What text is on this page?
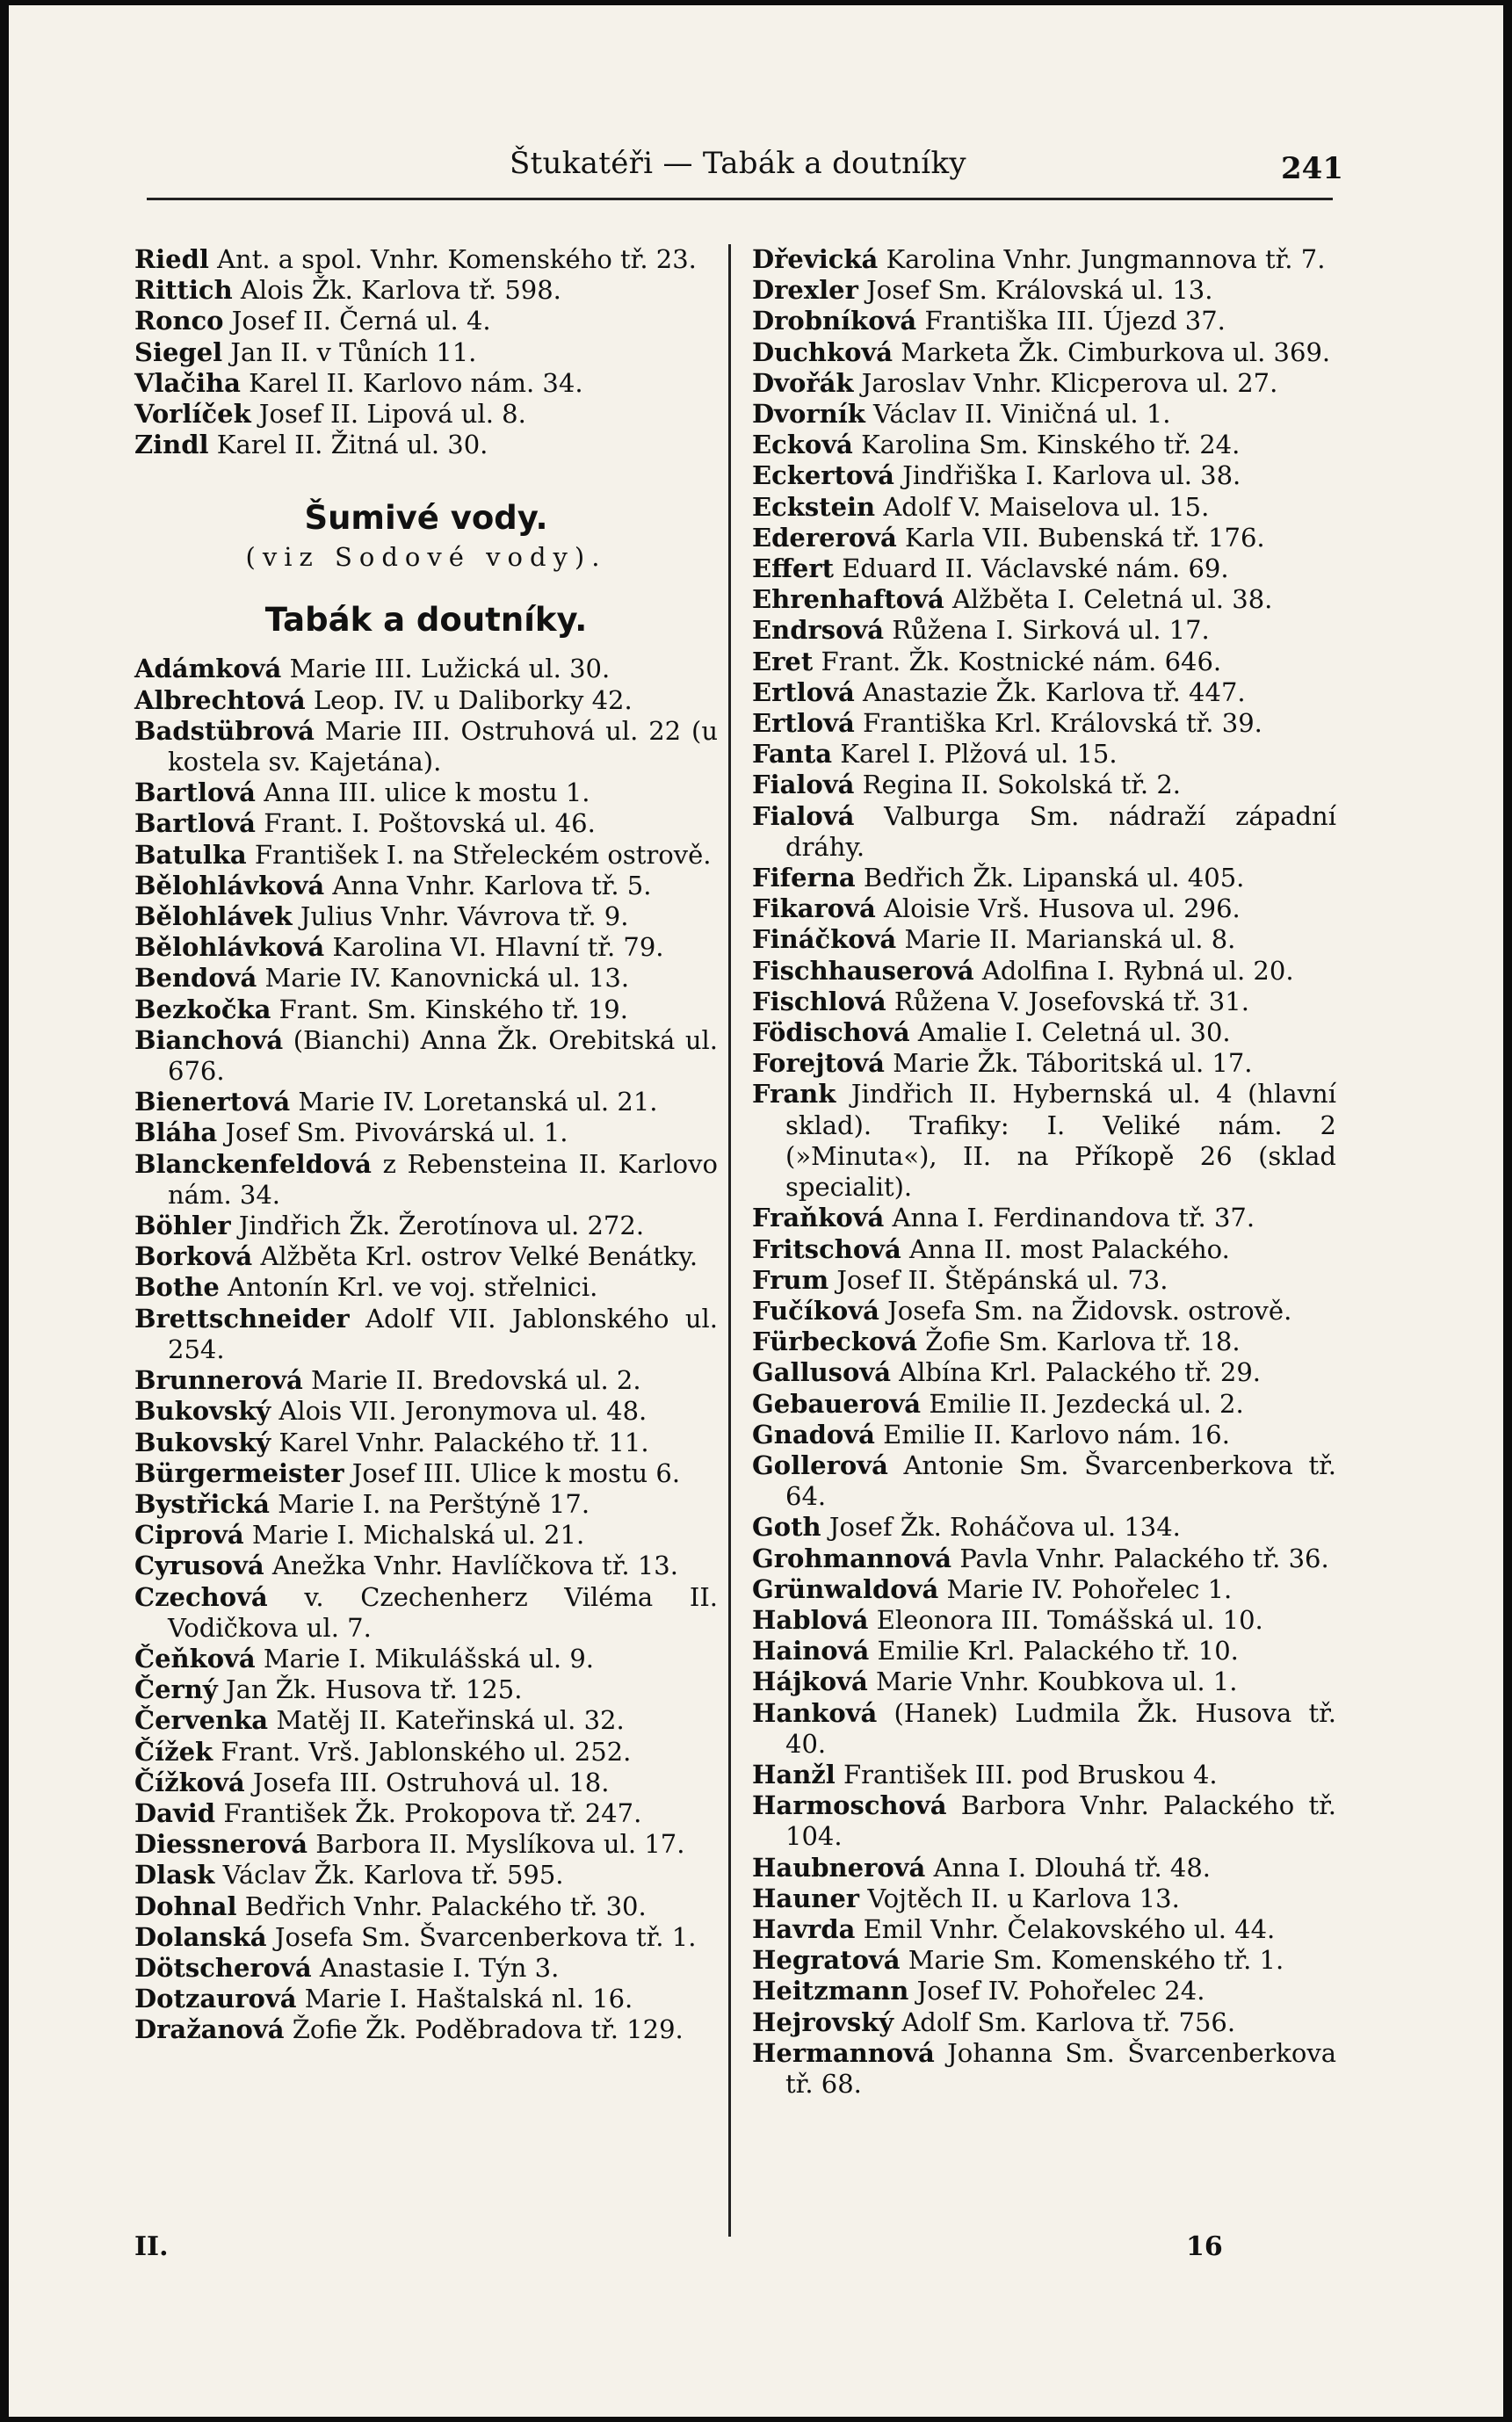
Štukatéři — Tabák a doutníky	241
Riedl Ant. a spol. Vnhr. Komenského tř. 23.
Rittich Alois Žk. Karlova tř. 598.
Ronco Josef II. Černá ul. 4.
Siegel Jan II. v Tůních 11.
Vlačiha Karel II. Karlovo nám. 34.
Vorlíček Josef II. Lipová ul. 8.
Zindl Karel II. Žitná ul. 30.
Šumivé vody.
(viz Sodové vody).
Tabák a doutníky.
Adámková Marie III. Lužická ul. 30.
Albrechtová Leop. IV. u Daliborky 42.
Badstübrová Marie III. Ostruhová ul. 22 (u kostela sv. Kajetána).
Bartlová Anna III. ulice k mostu 1.
Bartlová Frant. I. Poštovská ul. 46.
Batulka František I. na Střeleckém ostrově.
Bělohlávková Anna Vnhr. Karlova tř. 5.
Bělohlávek Julius Vnhr. Vávrova tř. 9.
Bělohlávková Karolina VI. Hlavní tř. 79.
Bendová Marie IV. Kanovnická ul. 13.
Bezkočka Frant. Sm. Kinského tř. 19.
Bianchová (Bianchi) Anna Žk. Orebitská ul. 676.
Bienertová Marie IV. Loretanská ul. 21.
Bláha Josef Sm. Pivovárská ul. 1.
Blanckenfeldová z Rebensteina II. Karlovo nám. 34.
Böhler Jindřich Žk. Žerotínova ul. 272.
Borková Alžběta Krl. ostrov Velké Benátky.
Bothe Antonín Krl. ve voj. střelnici.
Brettschneider Adolf VII. Jablonského ul. 254.
Brunnerová Marie II. Bredovská ul. 2.
Bukovský Alois VII. Jeronymova ul. 48.
Bukovský Karel Vnhr. Palackého tř. 11.
Bürgermeister Josef III. Ulice k mostu 6.
Bystřická Marie I. na Perštýně 17.
Ciprová Marie I. Michalská ul. 21.
Cyrusová Anežka Vnhr. Havlíčkova tř. 13.
Czechová v. Czechenherz Viléma II. Vodičkova ul. 7.
Čeňková Marie I. Mikulášská ul. 9.
Černý Jan Žk. Husova tř. 125.
Červenka Matěj II. Kateřinská ul. 32.
Čížek Frant. Vrš. Jablonského ul. 252.
Čížková Josefa III. Ostruhová ul. 18.
David František Žk. Prokopova tř. 247.
Diessnerová Barbora II. Myslíkova ul. 17.
Dlask Václav Žk. Karlova tř. 595.
Dohnal Bedřich Vnhr. Palackého tř. 30.
Dolanská Josefa Sm. Švarcenberkova tř. 1.
Dötscherová Anastasie I. Týn 3.
Dotzaurová Marie I. Haštalská nl. 16.
Dražanová Žofie Žk. Poděbradova tř. 129.
Dřevická Karolina Vnhr. Jungmannova tř. 7.
Drexler Josef Sm. Královská ul. 13.
Drobníková Františka III. Újezd 37.
Duchková Marketa Žk. Cimburkova ul. 369.
Dvořák Jaroslav Vnhr. Klicperova ul. 27.
Dvorník Václav II. Viničná ul. 1.
Ecková Karolina Sm. Kinského tř. 24.
Eckertová Jindřiška I. Karlova ul. 38.
Eckstein Adolf V. Maiselova ul. 15.
Edererová Karla VII. Bubenská tř. 176.
Effert Eduard II. Václavské nám. 69.
Ehrenhaftová Alžběta I. Celetná ul. 38.
Endrsová Růžena I. Sirková ul. 17.
Eret Frant. Žk. Kostnické nám. 646.
Ertlová Anastazie Žk. Karlova tř. 447.
Ertlová Františka Krl. Královská tř. 39.
Fanta Karel I. Plžová ul. 15.
Fialová Regina II. Sokolská tř. 2.
Fialová Valburga Sm. nádraží západní dráhy.
Fiferna Bedřich Žk. Lipanská ul. 405.
Fikarová Aloisie Vrš. Husova ul. 296.
Fináčková Marie II. Marianská ul. 8.
Fischhauserová Adolfina I. Rybná ul. 20.
Fischlová Růžena V. Josefovská tř. 31.
Födischová Amalie I. Celetná ul. 30.
Forejtová Marie Žk. Táboritská ul. 17.
Frank Jindřich II. Hybernská ul. 4 (hlavní sklad). Trafiky: I. Veliké nám. 2 (»Minuta«), II. na Příkopě 26 (sklad specialit).
Fraňková Anna I. Ferdinandova tř. 37.
Fritschová Anna II. most Palackého.
Frum Josef II. Štěpánská ul. 73.
Fučíková Josefa Sm. na Židovsk. ostrově.
Fürbecková Žofie Sm. Karlova tř. 18.
Gallusová Albína Krl. Palackého tř. 29.
Gebauerová Emilie II. Jezdecká ul. 2.
Gnadová Emilie II. Karlovo nám. 16.
Gollerová Antonie Sm. Švarcenberkova tř. 64.
Goth Josef Žk. Roháčova ul. 134.
Grohmannová Pavla Vnhr. Palackého tř. 36.
Grünwaldová Marie IV. Pohořelec 1.
Hablová Eleonora III. Tomášská ul. 10.
Hainová Emilie Krl. Palackého tř. 10.
Hájková Marie Vnhr. Koubkova ul. 1.
Hanková (Hanek) Ludmila Žk. Husova tř. 40.
Hanžl František III. pod Bruskou 4.
Harmoschová Barbora Vnhr. Palackého tř. 104.
Haubnerová Anna I. Dlouhá tř. 48.
Hauner Vojtěch II. u Karlova 13.
Havrda Emil Vnhr. Čelakovského ul. 44.
Hegratová Marie Sm. Komenského tř. 1.
Heitzmann Josef IV. Pohořelec 24.
Hejrovský Adolf Sm. Karlova tř. 756.
Hermannová Johanna Sm. Švarcenberkova tř. 68.
II.	16
